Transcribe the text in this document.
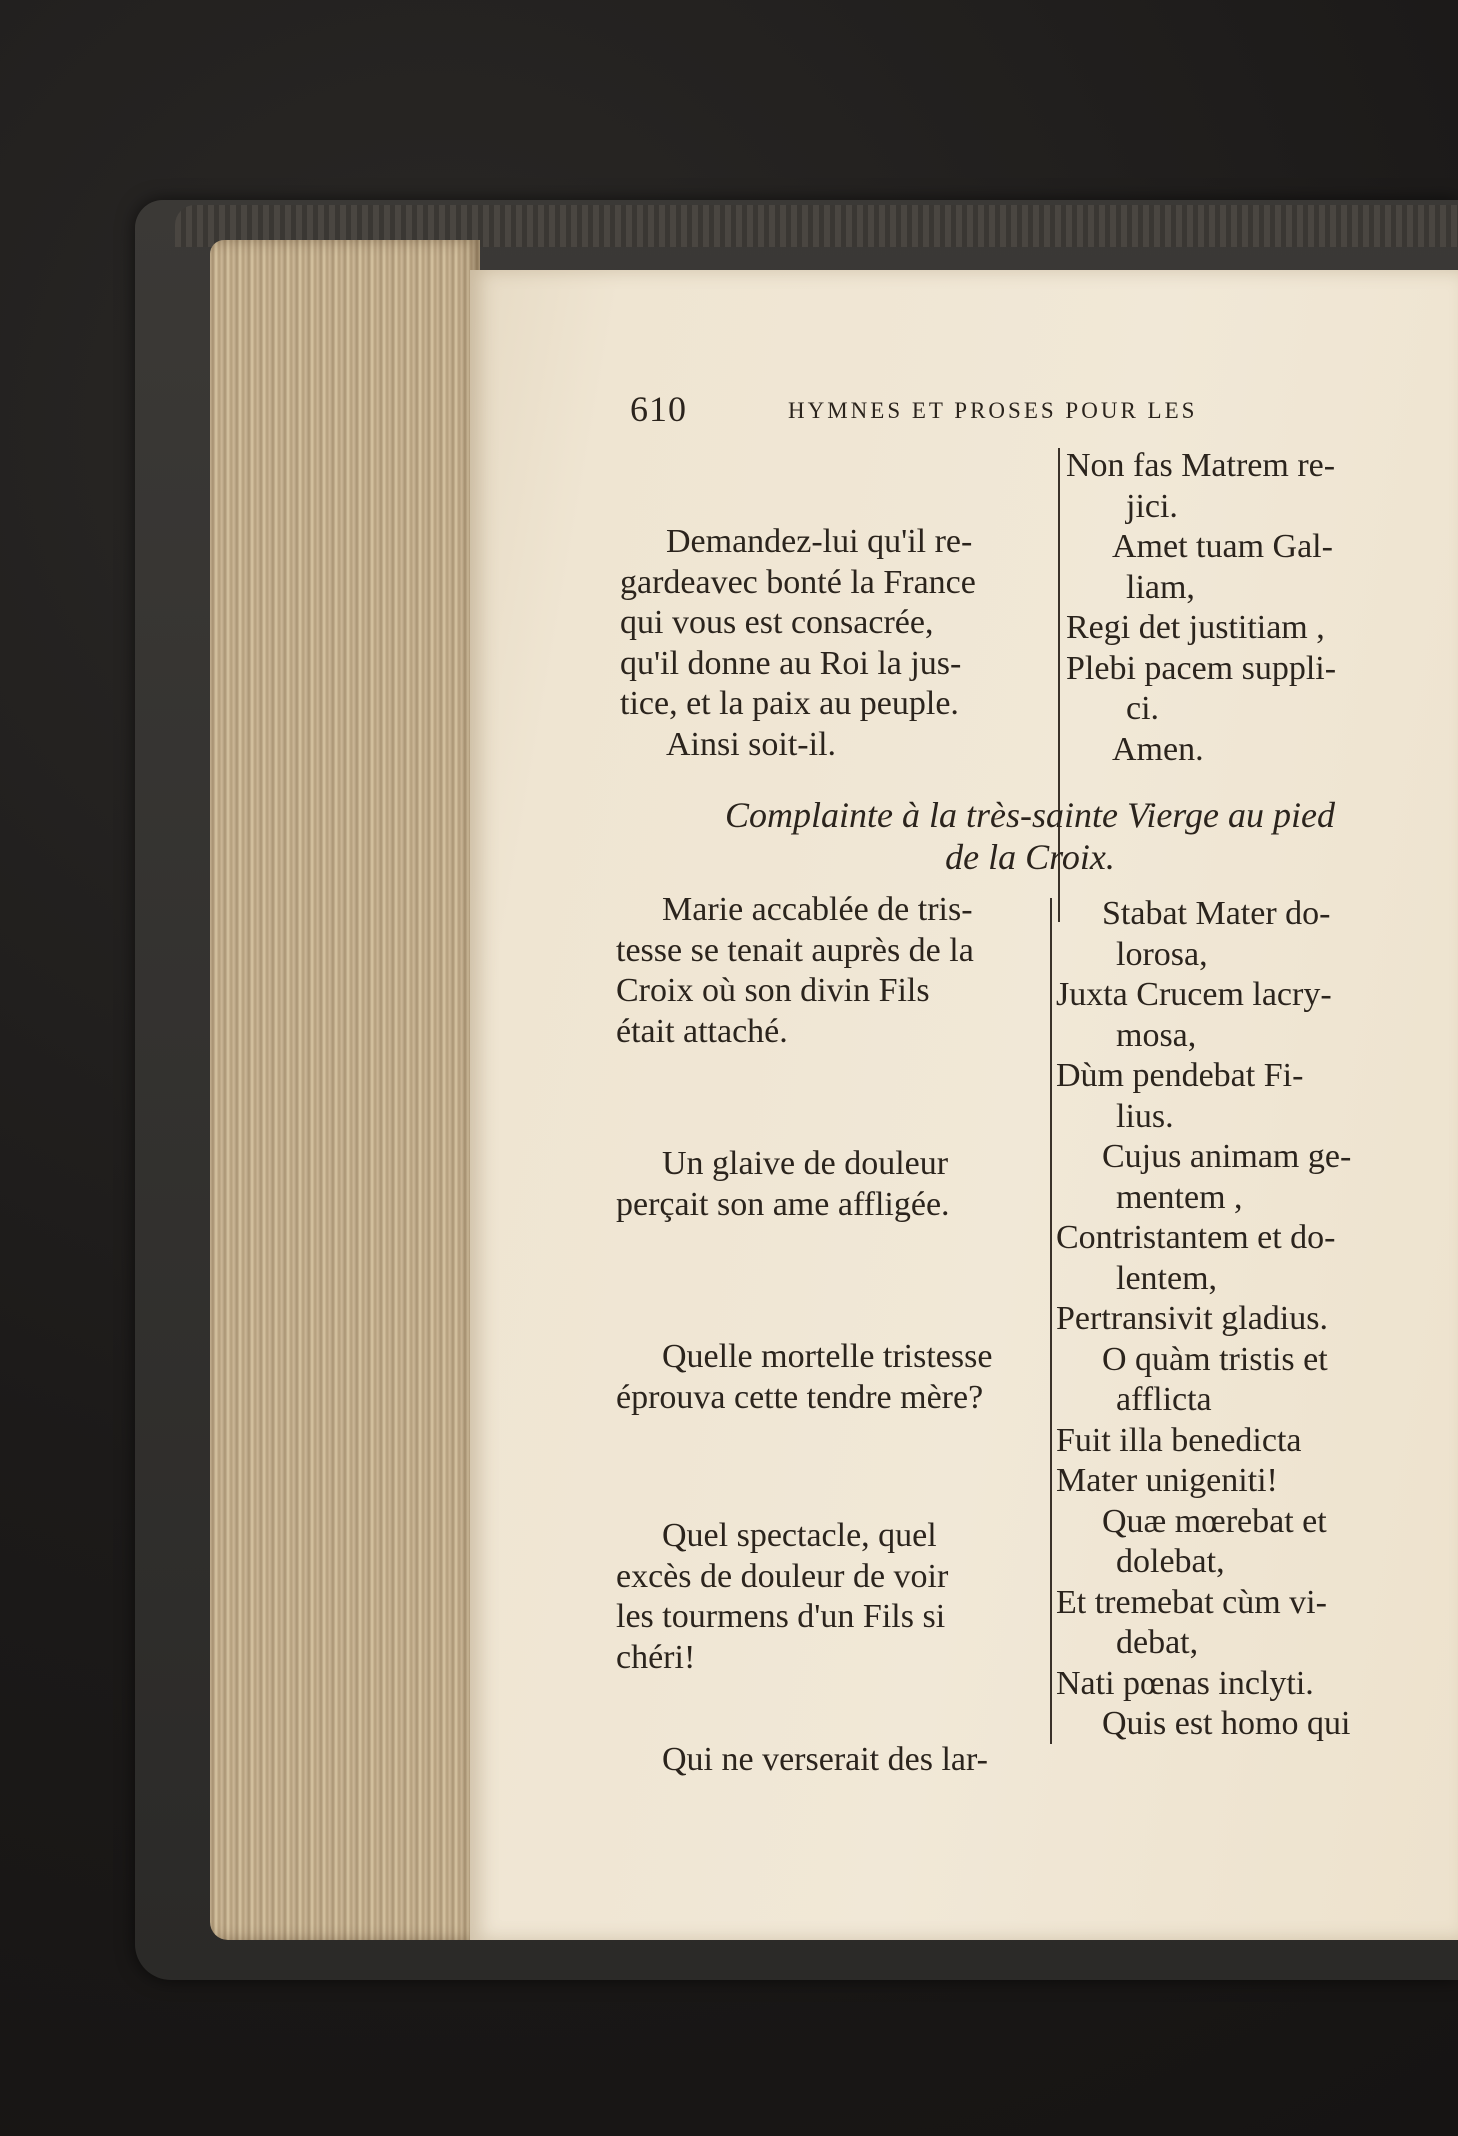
610	HYMNES ET PROSES POUR LES

Demandez-lui qu'il re-

gardeavec bonté la France

qui vous est consacrée,

qu'il donne au Roi la jus-

tice, et la paix au peuple.

Ainsi soit-il.

Non fas Matrem re-

jici.

Amet tuam Gal-

liam,

Regi det justitiam ,

Plebi pacem suppli-

ci.

Amen.

Complainte à la très-sainte Vierge au pied
de la Croix.

Marie accablée de tris-

tesse se tenait auprès de la

Croix où son divin Fils

était attaché.

Un glaive de douleur

perçait son ame affligée.

Quelle mortelle tristesse

éprouva cette tendre mère?

Quel spectacle, quel

excès de douleur de voir

les tourmens d'un Fils si

chéri!

Qui ne verserait des lar-

Stabat Mater do-

lorosa,

Juxta Crucem lacry-

mosa,

Dùm pendebat Fi-

lius.

Cujus animam ge-

mentem ,

Contristantem et do-

lentem,

Pertransivit gladius.

O quàm tristis et

afflicta

Fuit illa benedicta

Mater unigeniti!

Quæ mœrebat et

dolebat,

Et tremebat cùm vi-

debat,

Nati pœnas inclyti.

Quis est homo qui
